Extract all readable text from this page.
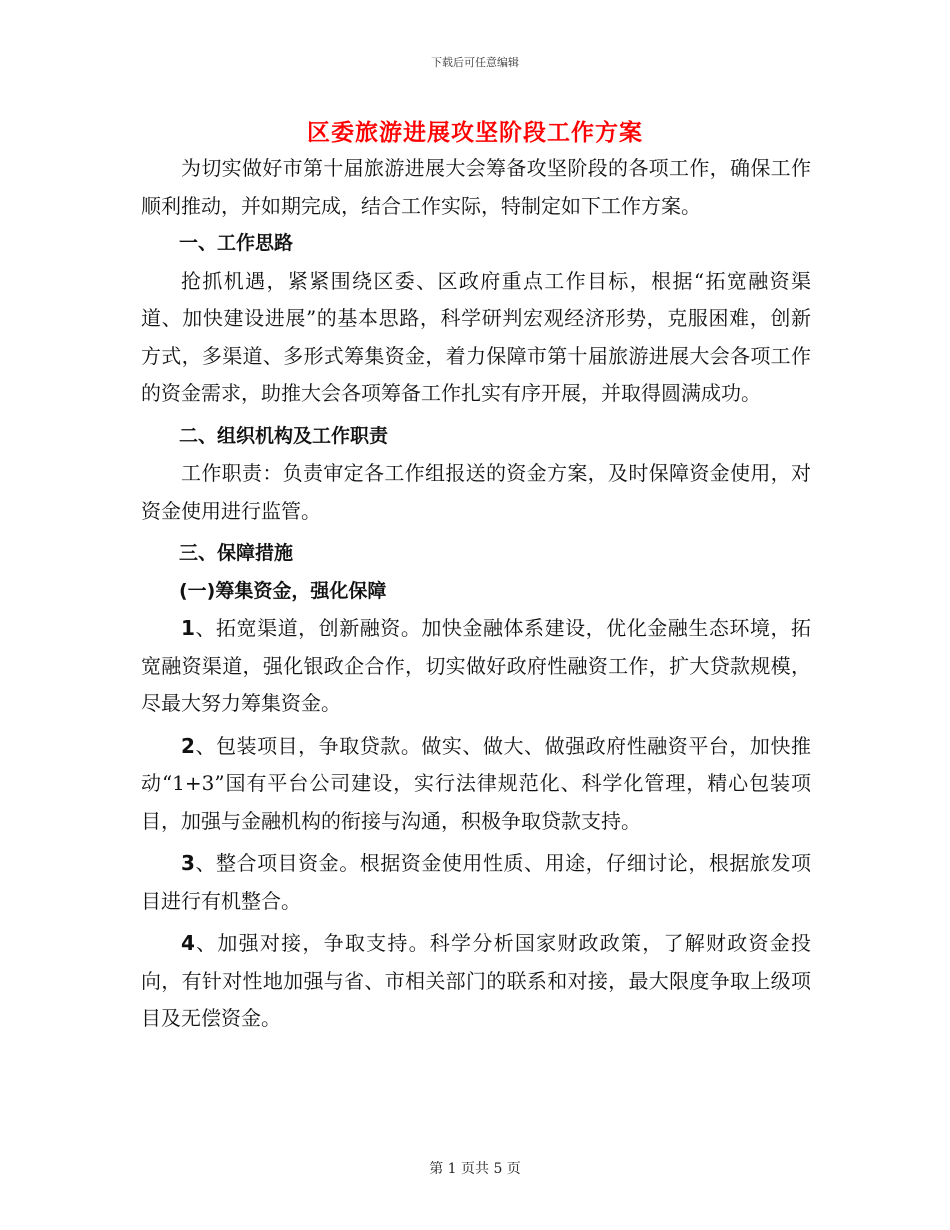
下载后可任意编辑
区委旅游进展攻坚阶段工作方案

为切实做好市第十届旅游进展大会筹备攻坚阶段的各项工作，确保工作顺利推动，并如期完成，结合工作实际，特制定如下工作方案。

一、工作思路

抢抓机遇，紧紧围绕区委、区政府重点工作目标，根据“拓宽融资渠道、加快建设进展”的基本思路，科学研判宏观经济形势，克服困难，创新方式，多渠道、多形式筹集资金，着力保障市第十届旅游进展大会各项工作的资金需求，助推大会各项筹备工作扎实有序开展，并取得圆满成功。

二、组织机构及工作职责

工作职责：负责审定各工作组报送的资金方案，及时保障资金使用，对资金使用进行监管。

三、保障措施

(一)筹集资金，强化保障

1、拓宽渠道，创新融资。加快金融体系建设，优化金融生态环境，拓宽融资渠道，强化银政企合作，切实做好政府性融资工作，扩大贷款规模，尽最大努力筹集资金。

2、包装项目，争取贷款。做实、做大、做强政府性融资平台，加快推动“1+3”国有平台公司建设，实行法律规范化、科学化管理，精心包装项目，加强与金融机构的衔接与沟通，积极争取贷款支持。

3、整合项目资金。根据资金使用性质、用途，仔细讨论，根据旅发项目进行有机整合。

4、加强对接，争取支持。科学分析国家财政政策，了解财政资金投向，有针对性地加强与省、市相关部门的联系和对接，最大限度争取上级项目及无偿资金。

第 1 页共 5 页
